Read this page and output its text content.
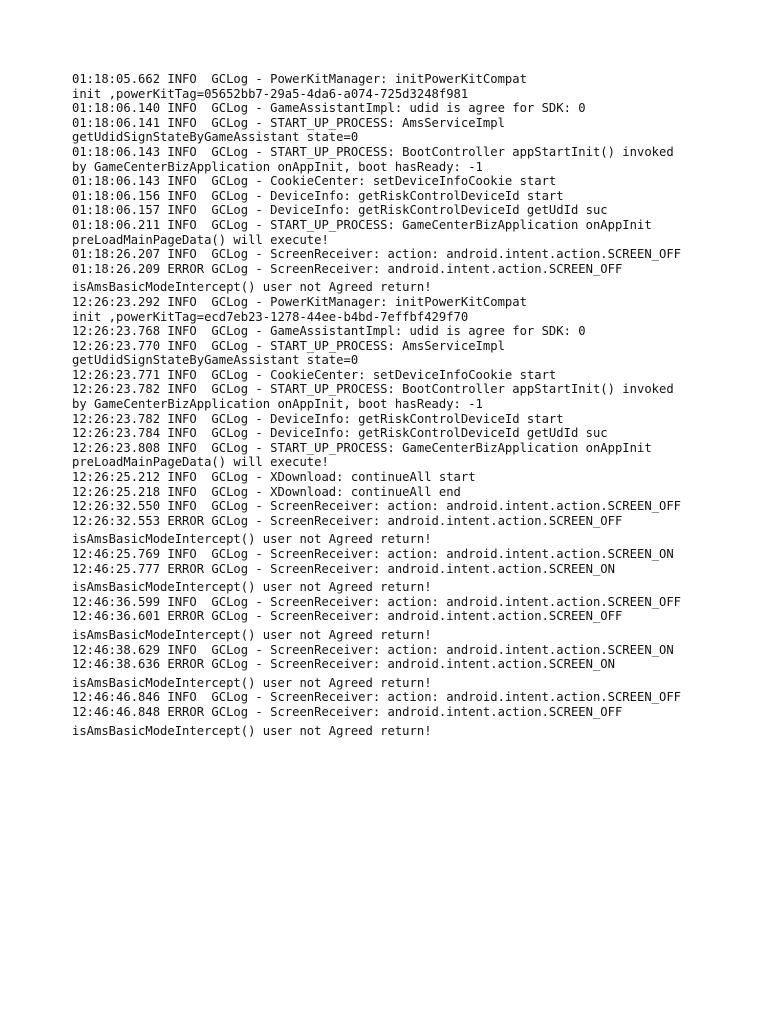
01:18:05.662 INFO  GCLog - PowerKitManager: initPowerKitCompat
init ,powerKitTag=05652bb7-29a5-4da6-a074-725d3248f981
01:18:06.140 INFO  GCLog - GameAssistantImpl: udid is agree for SDK: 0
01:18:06.141 INFO  GCLog - START_UP_PROCESS: AmsServiceImpl
getUdidSignStateByGameAssistant state=0
01:18:06.143 INFO  GCLog - START_UP_PROCESS: BootController appStartInit() invoked
by GameCenterBizApplication onAppInit, boot hasReady: -1
01:18:06.143 INFO  GCLog - CookieCenter: setDeviceInfoCookie start
01:18:06.156 INFO  GCLog - DeviceInfo: getRiskControlDeviceId start
01:18:06.157 INFO  GCLog - DeviceInfo: getRiskControlDeviceId getUdId suc
01:18:06.211 INFO  GCLog - START_UP_PROCESS: GameCenterBizApplication onAppInit
preLoadMainPageData() will execute!
01:18:26.207 INFO  GCLog - ScreenReceiver: action: android.intent.action.SCREEN_OFF
01:18:26.209 ERROR GCLog - ScreenReceiver: android.intent.action.SCREEN_OFF
isAmsBasicModeIntercept() user not Agreed return!
12:26:23.292 INFO  GCLog - PowerKitManager: initPowerKitCompat
init ,powerKitTag=ecd7eb23-1278-44ee-b4bd-7effbf429f70
12:26:23.768 INFO  GCLog - GameAssistantImpl: udid is agree for SDK: 0
12:26:23.770 INFO  GCLog - START_UP_PROCESS: AmsServiceImpl
getUdidSignStateByGameAssistant state=0
12:26:23.771 INFO  GCLog - CookieCenter: setDeviceInfoCookie start
12:26:23.782 INFO  GCLog - START_UP_PROCESS: BootController appStartInit() invoked
by GameCenterBizApplication onAppInit, boot hasReady: -1
12:26:23.782 INFO  GCLog - DeviceInfo: getRiskControlDeviceId start
12:26:23.784 INFO  GCLog - DeviceInfo: getRiskControlDeviceId getUdId suc
12:26:23.808 INFO  GCLog - START_UP_PROCESS: GameCenterBizApplication onAppInit
preLoadMainPageData() will execute!
12:26:25.212 INFO  GCLog - XDownload: continueAll start
12:26:25.218 INFO  GCLog - XDownload: continueAll end
12:26:32.550 INFO  GCLog - ScreenReceiver: action: android.intent.action.SCREEN_OFF
12:26:32.553 ERROR GCLog - ScreenReceiver: android.intent.action.SCREEN_OFF
isAmsBasicModeIntercept() user not Agreed return!
12:46:25.769 INFO  GCLog - ScreenReceiver: action: android.intent.action.SCREEN_ON
12:46:25.777 ERROR GCLog - ScreenReceiver: android.intent.action.SCREEN_ON
isAmsBasicModeIntercept() user not Agreed return!
12:46:36.599 INFO  GCLog - ScreenReceiver: action: android.intent.action.SCREEN_OFF
12:46:36.601 ERROR GCLog - ScreenReceiver: android.intent.action.SCREEN_OFF
isAmsBasicModeIntercept() user not Agreed return!
12:46:38.629 INFO  GCLog - ScreenReceiver: action: android.intent.action.SCREEN_ON
12:46:38.636 ERROR GCLog - ScreenReceiver: android.intent.action.SCREEN_ON
isAmsBasicModeIntercept() user not Agreed return!
12:46:46.846 INFO  GCLog - ScreenReceiver: action: android.intent.action.SCREEN_OFF
12:46:46.848 ERROR GCLog - ScreenReceiver: android.intent.action.SCREEN_OFF
isAmsBasicModeIntercept() user not Agreed return!
